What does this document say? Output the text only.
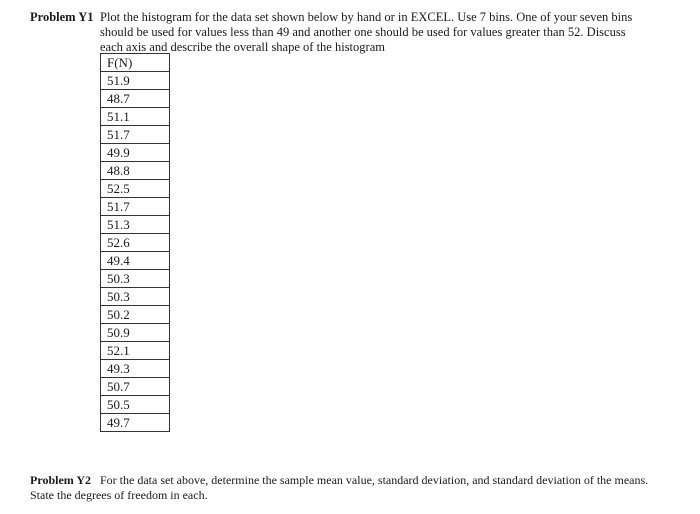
Problem Y1 Plot the histogram for the data set shown below by hand or in EXCEL. Use 7 bins. One of your seven bins should be used for values less than 49 and another one should be used for values greater than 52. Discuss each axis and describe the overall shape of the histogram
F(N)
51.9
48.7
51.1
51.7
49.9
48.8
52.5
51.7
51.3
52.6
49.4
50.3
50.3
50.2
50.9
52.1
49.3
50.7
50.5
49.7
Problem Y2 For the data set above, determine the sample mean value, standard deviation, and standard deviation of the means. State the degrees of freedom in each.
